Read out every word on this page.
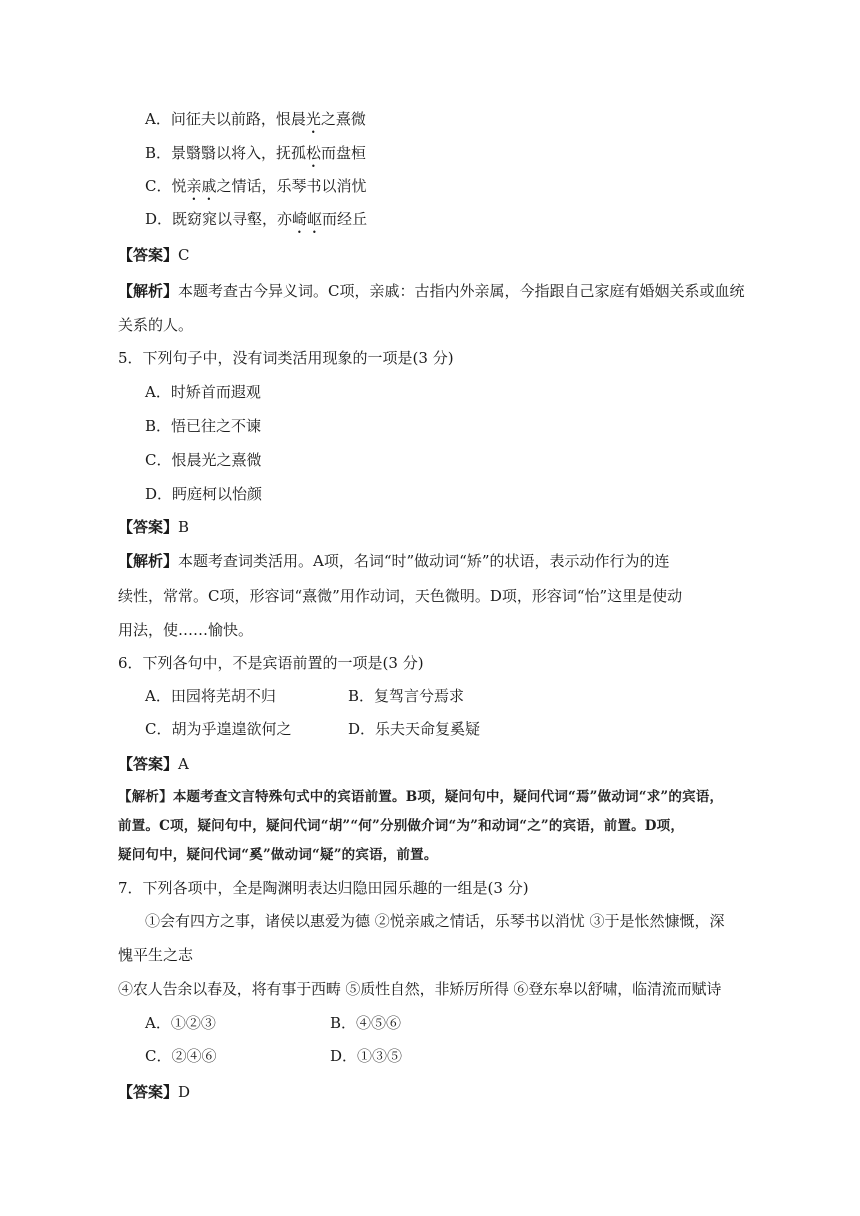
A．问征夫以前路，恨晨光之熹微
B．景翳翳以将入，抚孤松而盘桓
C．悦亲戚之情话，乐琴书以消忧
D．既窈窕以寻壑，亦崎岖而经丘
【答案】C
【解析】本题考查古今异义词。C项，亲戚：古指内外亲属，今指跟自己家庭有婚姻关系或血统
关系的人。
5．下列句子中，没有词类活用现象的一项是(3 分)
A．时矫首而遐观
B．悟已往之不谏
C．恨晨光之熹微
D．眄庭柯以怡颜
【答案】B
【解析】本题考查词类活用。A项，名词“时”做动词“矫”的状语，表示动作行为的连
续性，常常。C项，形容词“熹微”用作动词，天色微明。D项，形容词“怡”这里是使动
用法，使……愉快。
6．下列各句中，不是宾语前置的一项是(3 分)
A．田园将芜胡不归	B．复驾言兮焉求
C．胡为乎遑遑欲何之	D．乐夫天命复奚疑
【答案】A
【解析】本题考查文言特殊句式中的宾语前置。B项，疑问句中，疑问代词“焉”做动词“求”的宾语，
前置。C项，疑问句中，疑问代词“胡”“何”分别做介词“为”和动词“之”的宾语，前置。D项，
疑问句中，疑问代词“奚”做动词“疑”的宾语，前置。
7．下列各项中，全是陶渊明表达归隐田园乐趣的一组是(3 分)
①会有四方之事，诸侯以惠爱为德 ②悦亲戚之情话，乐琴书以消忧 ③于是怅然慷慨，深
愧平生之志
④农人告余以春及，将有事于西畴 ⑤质性自然，非矫厉所得 ⑥登东皋以舒啸，临清流而赋诗
A．①②③	B．④⑤⑥
C．②④⑥	D．①③⑤
【答案】D
